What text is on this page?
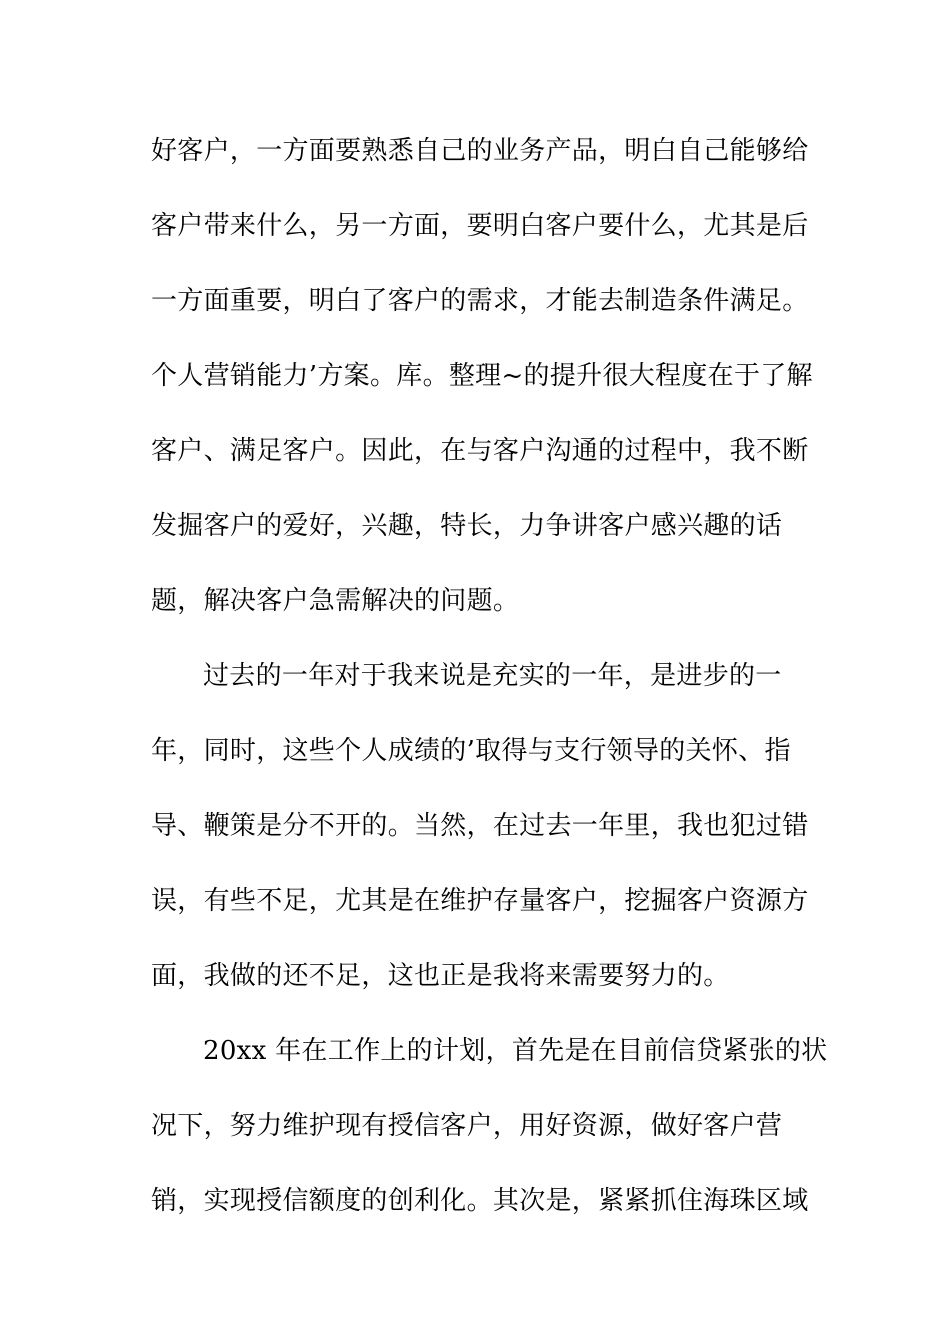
好客户，一方面要熟悉自己的业务产品，明白自己能够给
客户带来什么，另一方面，要明白客户要什么，尤其是后
一方面重要，明白了客户的需求，才能去制造条件满足。
个人营销能力’方案。库。整理~的提升很大程度在于了解
客户、满足客户。因此，在与客户沟通的过程中，我不断
发掘客户的爱好，兴趣，特长，力争讲客户感兴趣的话
题，解决客户急需解决的问题。
过去的一年对于我来说是充实的一年，是进步的一
年，同时，这些个人成绩的’取得与支行领导的关怀、指
导、鞭策是分不开的。当然，在过去一年里，我也犯过错
误，有些不足，尤其是在维护存量客户，挖掘客户资源方
面，我做的还不足，这也正是我将来需要努力的。
20xx 年在工作上的计划，首先是在目前信贷紧张的状
况下，努力维护现有授信客户，用好资源，做好客户营
销，实现授信额度的创利化。其次是，紧紧抓住海珠区域
